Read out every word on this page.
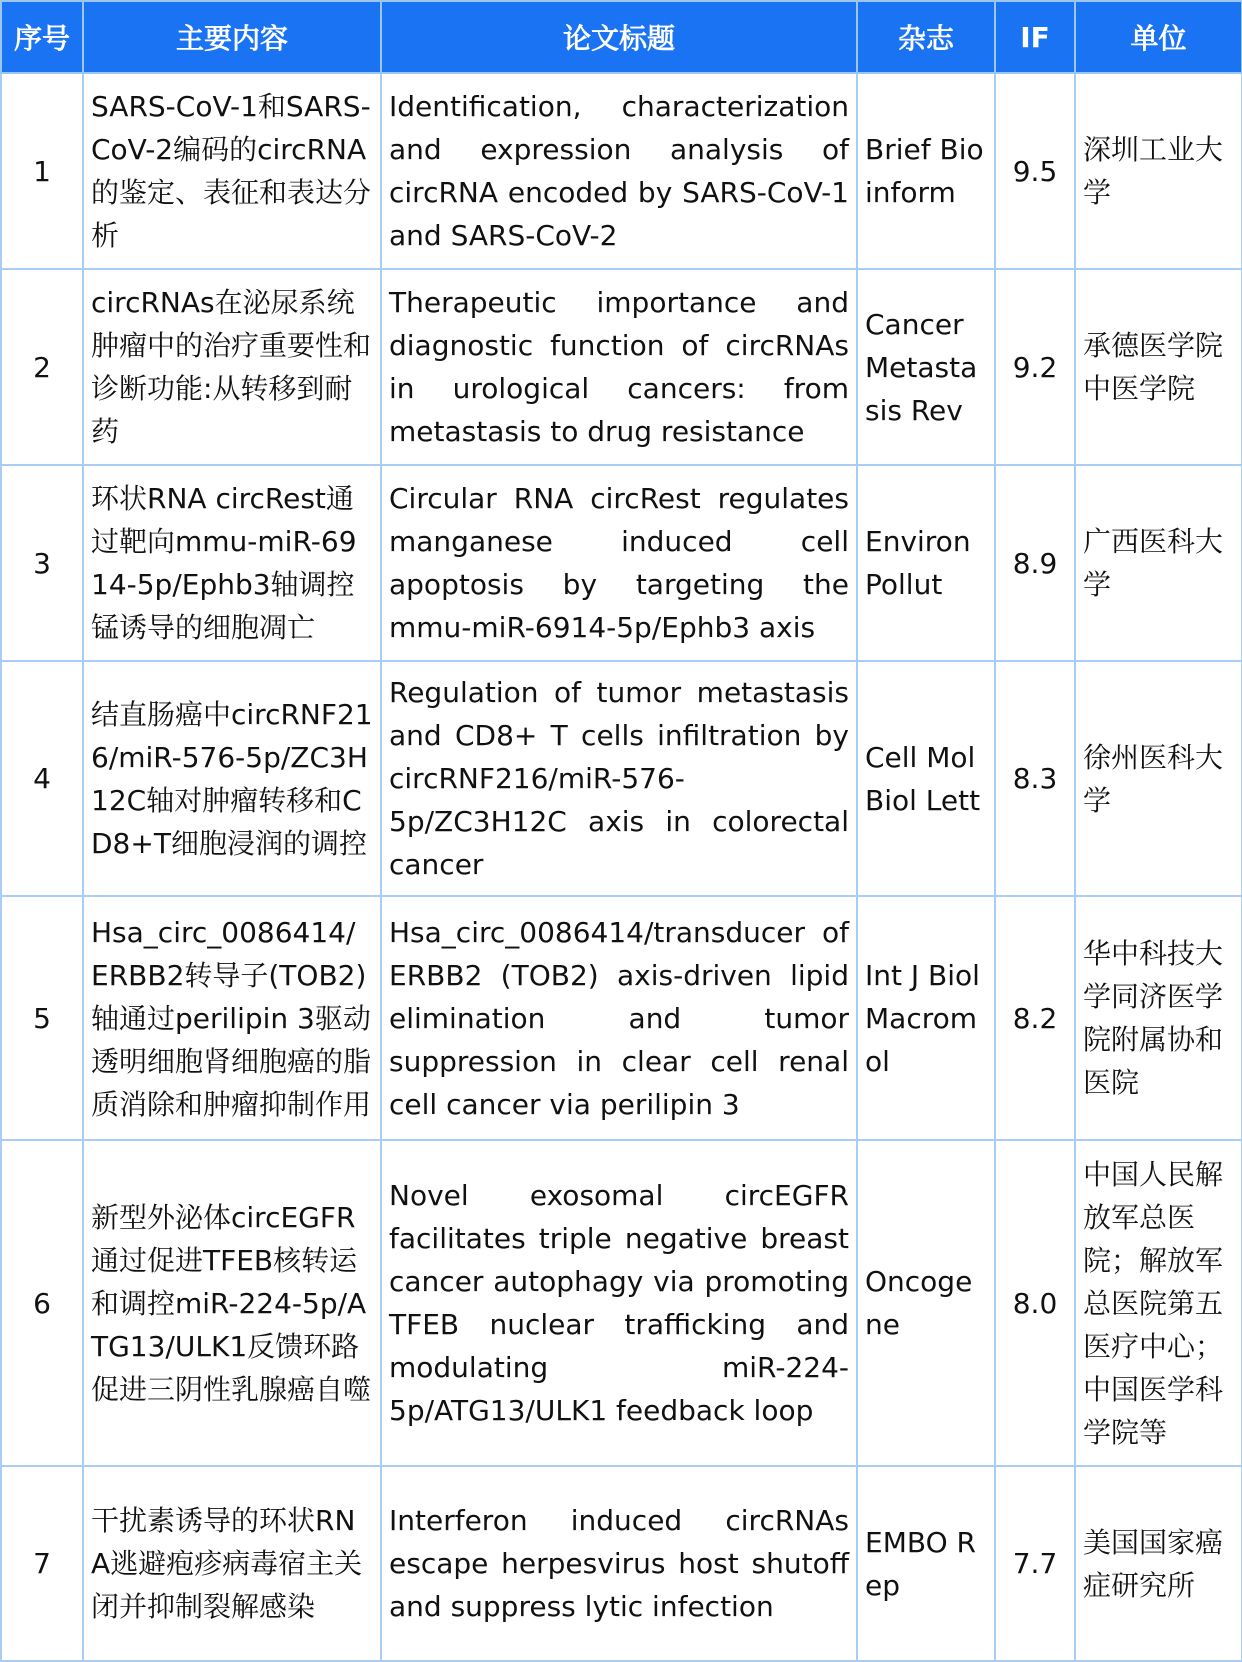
序号	主要内容	论文标题	杂志	IF	单位
1	SARS-CoV-1和SARS-CoV-2编码的circRNA的鉴定、表征和表达分析	Identification, characterization and expression analysis of circRNA encoded by SARS-CoV-1 and SARS-CoV-2	Brief Bioinform	9.5	深圳工业大学
2	circRNAs在泌尿系统肿瘤中的治疗重要性和诊断功能:从转移到耐药	Therapeutic importance and diagnostic function of circRNAs in urological cancers: from metastasis to drug resistance	Cancer Metastasis Rev	9.2	承德医学院中医学院
3	环状RNA circRest通过靶向mmu-miR-6914-5p/Ephb3轴调控锰诱导的细胞凋亡	Circular RNA circRest regulates manganese induced cell apoptosis by targeting the mmu-miR-6914-5p/Ephb3 axis	Environ Pollut	8.9	广西医科大学
4	结直肠癌中circRNF216/miR-576-5p/ZC3H12C轴对肿瘤转移和CD8+T细胞浸润的调控	Regulation of tumor metastasis and CD8+ T cells infiltration by circRNF216/miR-576-5p/ZC3H12C axis in colorectal cancer	Cell Mol Biol Lett	8.3	徐州医科大学
5	Hsa_circ_0086414/ERBB2转导子(TOB2)轴通过perilipin 3驱动透明细胞肾细胞癌的脂质消除和肿瘤抑制作用	Hsa_circ_0086414/transducer of ERBB2 (TOB2) axis-driven lipid elimination and tumor suppression in clear cell renal cell cancer via perilipin 3	Int J Biol Macromol	8.2	华中科技大学同济医学院附属协和医院
6	新型外泌体circEGFR通过促进TFEB核转运和调控miR-224-5p/ATG13/ULK1反馈环路促进三阴性乳腺癌自噬	Novel exosomal circEGFR facilitates triple negative breast cancer autophagy via promoting TFEB nuclear trafficking and modulating miR-224-5p/ATG13/ULK1 feedback loop	Oncogene	8.0	中国人民解放军总医院；解放军总医院第五医疗中心；中国医学科学院等
7	干扰素诱导的环状RNA逃避疱疹病毒宿主关闭并抑制裂解感染	Interferon induced circRNAs escape herpesvirus host shutoff and suppress lytic infection	EMBO Rep	7.7	美国国家癌症研究所
